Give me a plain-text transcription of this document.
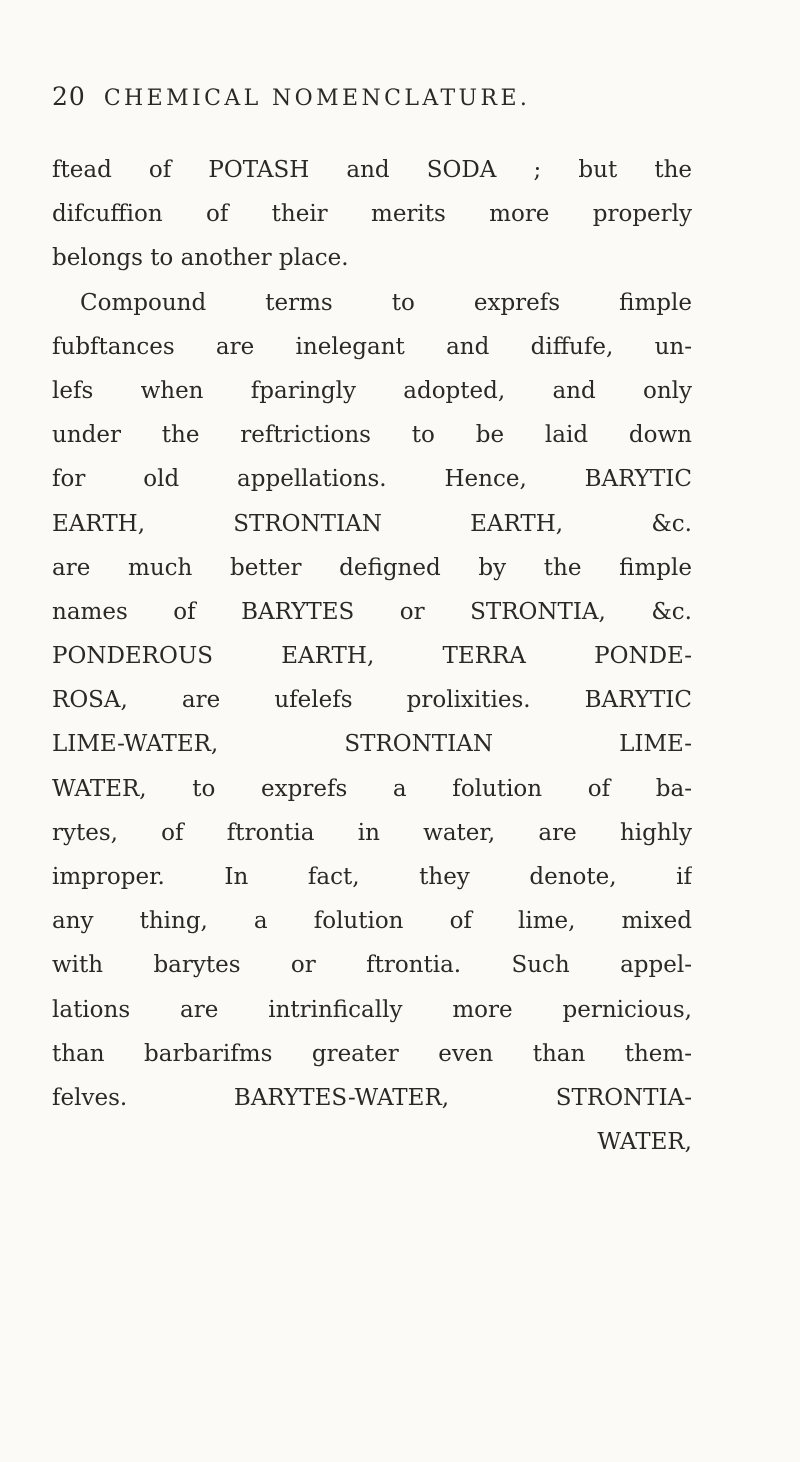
20 CHEMICAL NOMENCLATURE.
ftead of POTASH and SODA ; but the
difcuffion of their merits more properly
belongs to another place.
Compound terms to exprefs fimple
fubftances are inelegant and diffufe, un-
lefs when fparingly adopted, and only
under the reftrictions to be laid down
for old appellations. Hence, BARYTIC
EARTH, STRONTIAN EARTH, &c.
are much better defigned by the fimple
names of BARYTES or STRONTIA, &c.
PONDEROUS EARTH, TERRA PONDE-
ROSA, are ufelefs prolixities. BARYTIC
LIME-WATER, STRONTIAN LIME-
WATER, to exprefs a folution of ba-
rytes, of ftrontia in water, are highly
improper. In fact, they denote, if
any thing, a folution of lime, mixed
with barytes or ftrontia. Such appel-
lations are intrinfically more pernicious,
than barbarifms greater even than them-
felves. BARYTES-WATER, STRONTIA-
WATER,
